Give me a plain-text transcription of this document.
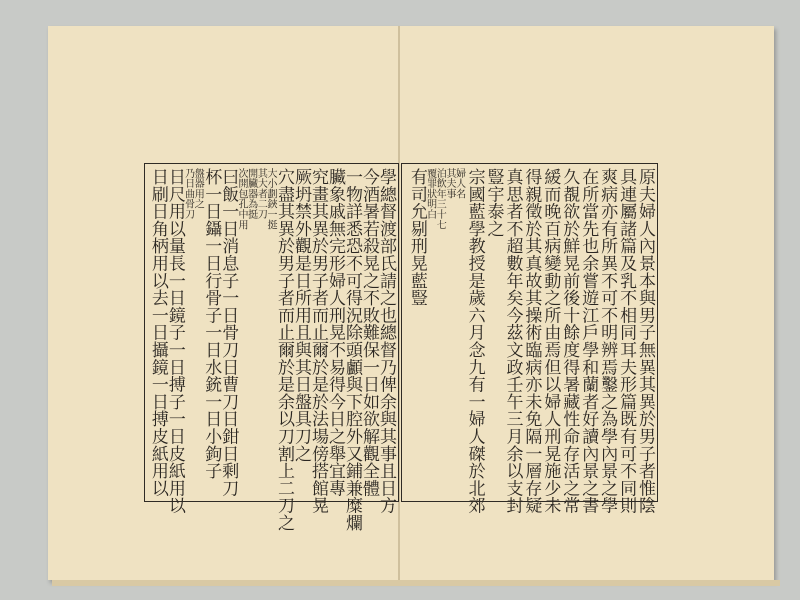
原夫婦人內景本與男子無異其異於男子者惟陰
具連屬諸篇及乳不相同耳夫形篇既有可不同則
爽病亦有所異不可不明辨焉鑿之為學內景之學
在所當先也余嘗遊江戶學和蘭者好讀內景之書
久覩欲於鮮晃前後十餘度得暑藏性命存活之常
緩而晚百病變動之所由焉但以婦人刑晃施少未
得親徵於其真故其操術臨病亦未免隔一層存疑
真思者不超數年矣今茲文政壬午三月余以支封
豎宇泰之
宗國藍學教授是歲六月念九有一婦人磔於北郊
婦人名
其夫事
泊飲年三十七
覆罪狀明白
有司允剔刑晃藍豎
學總督渡部氏請之也總督乃俾余與其事且日方
今酒暑若殺晃之不敗難保一日如欲解觀全體
一物詳悉恐不可得況除頭顱與下腔外又鋪兼糜爛
臟象戚無完形婦人刑晃不易得今日之舉宜專
究畫其異於男子者而止爾於是於法場傍搭館晃
厥坍禁外觀是日所用且與其日盤具刀之
穴盡其異於男子者而止爾於是余以刀割上二刀之
大小劃鋏一挺
其大者二刀
開臟器為挺
次開包孔中用
曰飯一日消息子一日骨刀日曹刀日鉗日剩刀
杯一日鑷一日行骨子一日水銃一日小鉤子
盤器用之
乃日曲骨刀
日尺用以量長一日鏡子一日搏子一日皮紙用以
日刷日角柄用以去一日攝鏡一日搏皮紙用以
